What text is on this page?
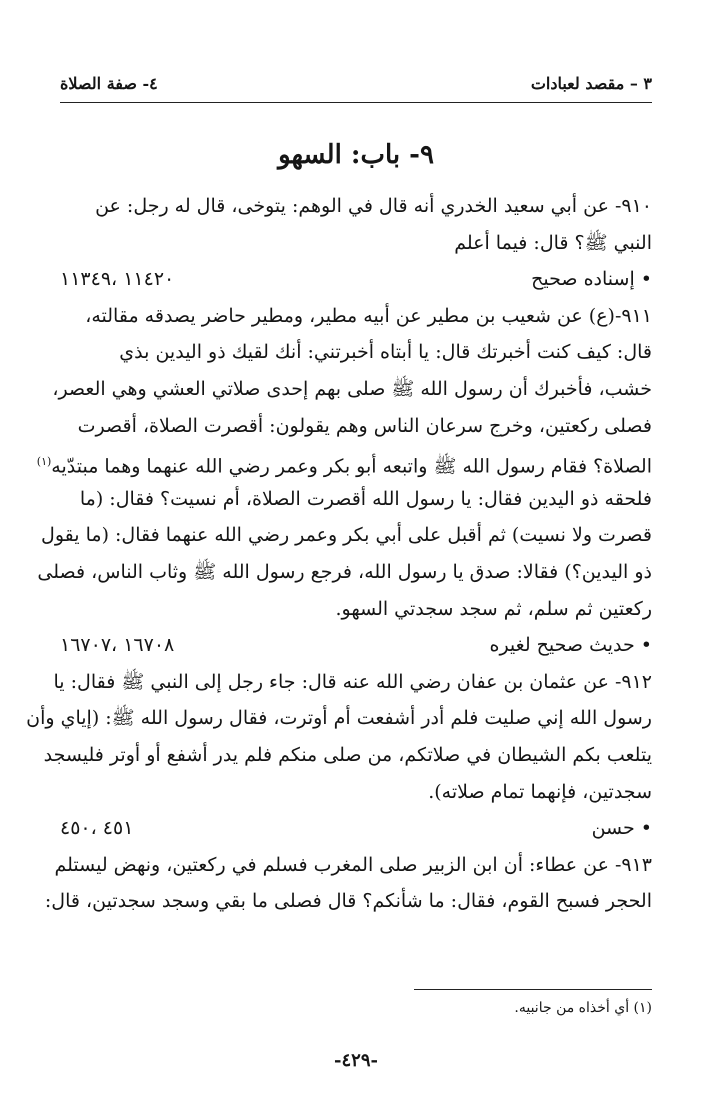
٣ – مقصد لعبادات
٤- صفة الصلاة
٩- باب: السهو
٩١٠- عن أبي سعيد الخدري أنه قال في الوهم: يتوخى، قال له رجل: عن
النبي ﷺ؟ قال: فيما أعلم
• إسناده صحيح
١١٤٢٠ ،١١٣٤٩
٩١١-(ع) عن شعيب بن مطير عن أبيه مطير، ومطير حاضر يصدقه مقالته،
قال: كيف كنت أخبرتك قال: يا أبتاه أخبرتني: أنك لقيك ذو اليدين بذي
خشب، فأخبرك أن رسول الله ﷺ صلى بهم إحدى صلاتي العشي وهي العصر،
فصلى ركعتين، وخرج سرعان الناس وهم يقولون: أقصرت الصلاة، أقصرت
الصلاة؟ فقام رسول الله ﷺ واتبعه أبو بكر وعمر رضي الله عنهما وهما مبتدّيه$^{(١)}$
فلحقه ذو اليدين فقال: يا رسول الله أقصرت الصلاة، أم نسيت؟ فقال: (ما
قصرت ولا نسيت) ثم أقبل على أبي بكر وعمر رضي الله عنهما فقال: (ما يقول
ذو اليدين؟) فقالا: صدق يا رسول الله، فرجع رسول الله ﷺ وثاب الناس، فصلى
ركعتين ثم سلم، ثم سجد سجدتي السهو.
• حديث صحيح لغيره
١٦٧٠٨ ،١٦٧٠٧
٩١٢- عن عثمان بن عفان رضي الله عنه قال: جاء رجل إلى النبي ﷺ فقال: يا
رسول الله إني صليت فلم أدر أشفعت أم أوترت، فقال رسول الله ﷺ: (إياي وأن
يتلعب بكم الشيطان في صلاتكم، من صلى منكم فلم يدر أشفع أو أوتر فليسجد
سجدتين، فإنهما تمام صلاته).
• حسن
٤٥١ ،٤٥٠
٩١٣- عن عطاء: أن ابن الزبير صلى المغرب فسلم في ركعتين، ونهض ليستلم
الحجر فسبح القوم، فقال: ما شأنكم؟ قال فصلى ما بقي وسجد سجدتين، قال:
(١) أي أخذاه من جانبيه.
-٤٢٩-
